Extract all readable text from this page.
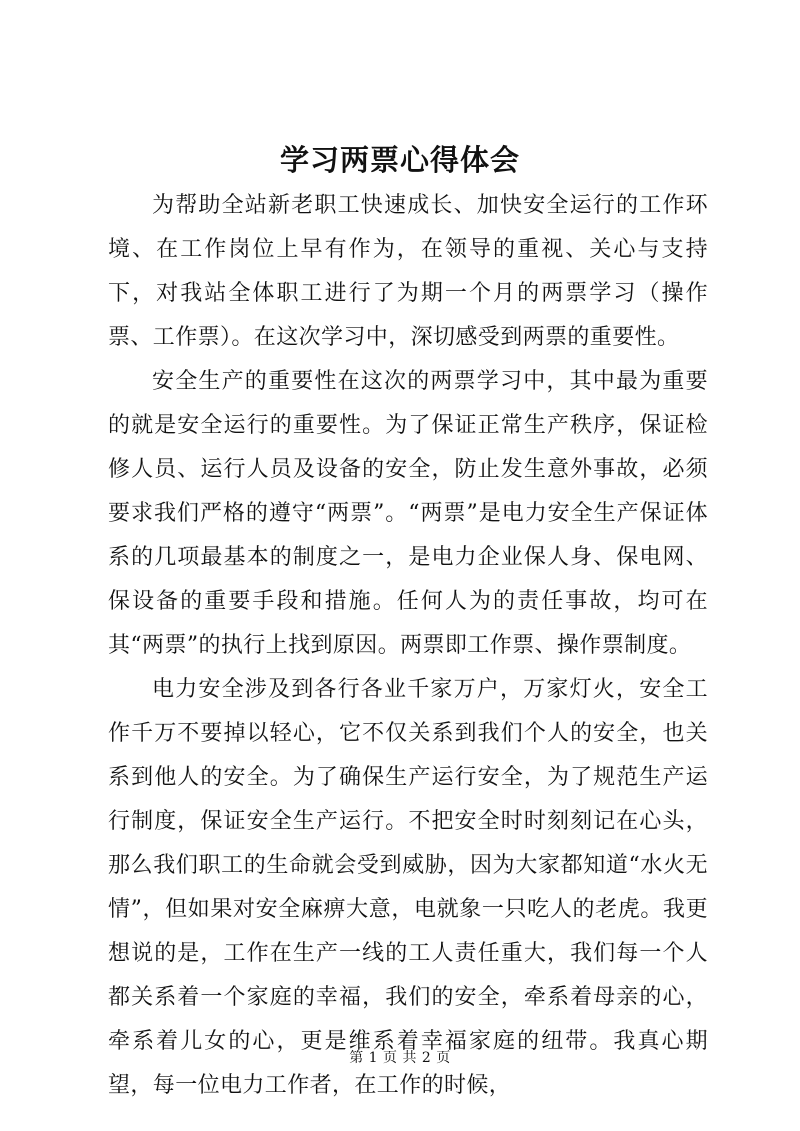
学习两票心得体会

为帮助全站新老职工快速成长、加快安全运行的工作环境、在工作岗位上早有作为，在领导的重视、关心与支持下，对我站全体职工进行了为期一个月的两票学习（操作票、工作票）。在这次学习中，深切感受到两票的重要性。

安全生产的重要性在这次的两票学习中，其中最为重要的就是安全运行的重要性。为了保证正常生产秩序，保证检修人员、运行人员及设备的安全，防止发生意外事故，必须要求我们严格的遵守“两票”。“两票”是电力安全生产保证体系的几项最基本的制度之一，是电力企业保人身、保电网、保设备的重要手段和措施。任何人为的责任事故，均可在其“两票”的执行上找到原因。两票即工作票、操作票制度。

电力安全涉及到各行各业千家万户，万家灯火，安全工作千万不要掉以轻心，它不仅关系到我们个人的安全，也关系到他人的安全。为了确保生产运行安全，为了规范生产运行制度，保证安全生产运行。不把安全时时刻刻记在心头，那么我们职工的生命就会受到威胁，因为大家都知道“水火无情”，但如果对安全麻痹大意，电就象一只吃人的老虎。我更想说的是，工作在生产一线的工人责任重大，我们每一个人都关系着一个家庭的幸福，我们的安全，牵系着母亲的心，牵系着儿女的心，更是维系着幸福家庭的纽带。我真心期望，每一位电力工作者，在工作的时候，

第 1 页 共 2 页
